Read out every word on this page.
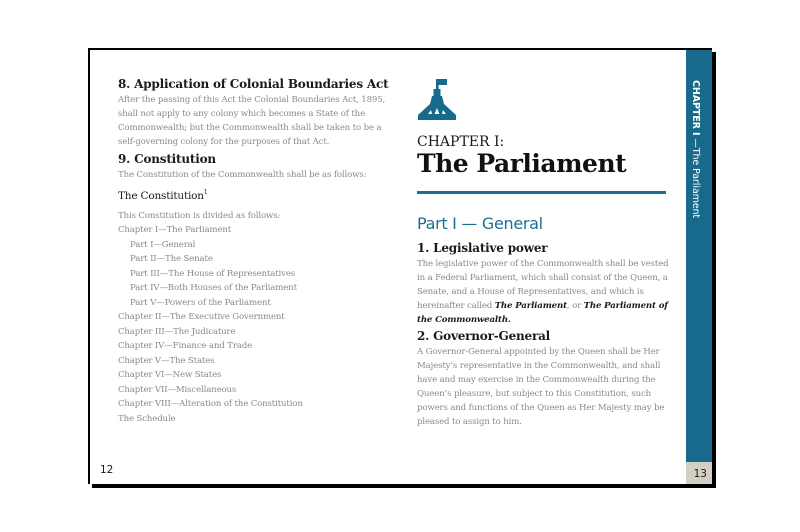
8. Application of Colonial Boundaries Act

After the passing of this Act the Colonial Boundaries Act, 1895, shall not apply to any colony which becomes a State of the Commonwealth; but the Commonwealth shall be taken to be a self-governing colony for the purposes of that Act.

9. Constitution

The Constitution of the Commonwealth shall be as follows:

The Constitution$^1$

This Constitution is divided as follows:

Chapter I—The Parliament
Part I—General
Part II—The Senate
Part III—The House of Representatives
Part IV—Both Houses of the Parliament
Part V—Powers of the Parliament
Chapter II—The Executive Government
Chapter III—The Judicature
Chapter IV—Finance and Trade
Chapter V—The States
Chapter VI—New States
Chapter VII—Miscellaneous
Chapter VIII—Alteration of the Constitution
The Schedule
12
CHAPTER I:
The Parliament
Part I — General
1. Legislative power

The legislative power of the Commonwealth shall be vested in a Federal Parliament, which shall consist of the Queen, a Senate, and a House of Representatives, and which is hereinafter called The Parliament, or The Parliament of the Commonwealth.

2. Governor-General

A Governor-General appointed by the Queen shall be Her Majesty’s representative in the Commonwealth, and shall have and may exercise in the Commonwealth during the Queen’s pleasure, but subject to this Constitution, such powers and functions of the Queen as Her Majesty may be pleased to assign to him.

CHAPTER I —The Parliament
13
